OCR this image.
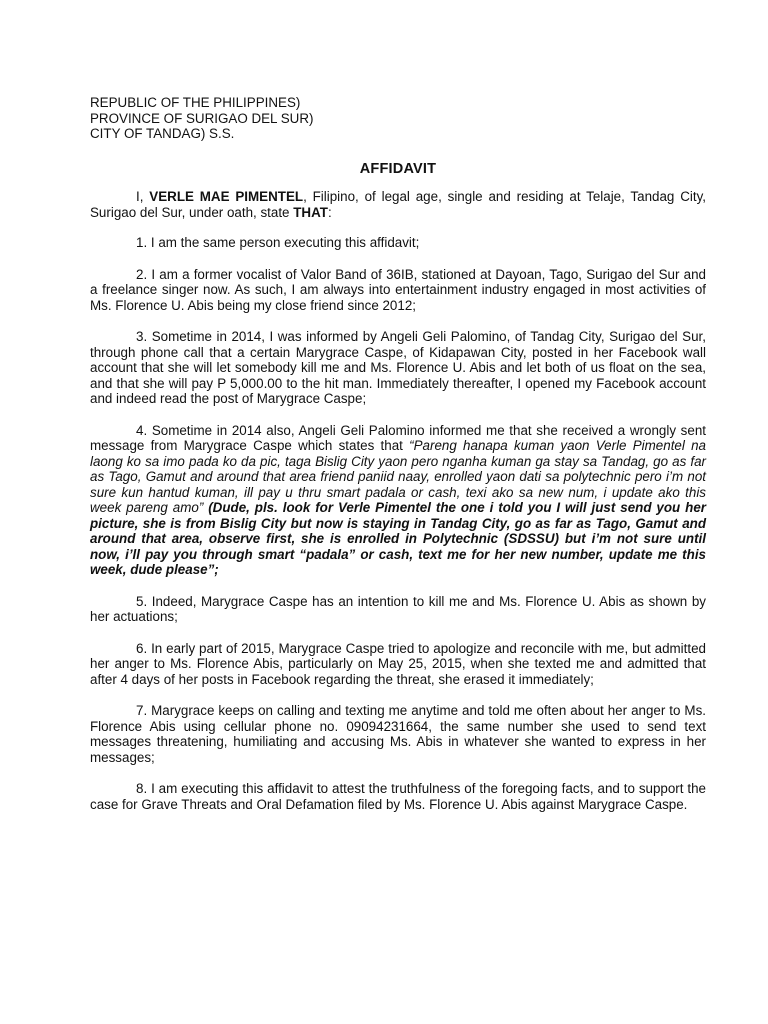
REPUBLIC OF THE PHILIPPINES)

PROVINCE OF SURIGAO DEL SUR)

CITY OF TANDAG) S.S.

AFFIDAVIT

I, VERLE MAE PIMENTEL, Filipino, of legal age, single and residing at Telaje, Tandag City, Surigao del Sur, under oath, state THAT:

1. I am the same person executing this affidavit;

2. I am a former vocalist of Valor Band of 36IB, stationed at Dayoan, Tago, Surigao del Sur and a freelance singer now. As such, I am always into entertainment industry engaged in most activities of Ms. Florence U. Abis being my close friend since 2012;

3. Sometime in 2014, I was informed by Angeli Geli Palomino, of Tandag City, Surigao del Sur, through phone call that a certain Marygrace Caspe, of Kidapawan City, posted in her Facebook wall account that she will let somebody kill me and Ms. Florence U. Abis and let both of us float on the sea, and that she will pay P 5,000.00 to the hit man. Immediately thereafter, I opened my Facebook account and indeed read the post of Marygrace Caspe;

4. Sometime in 2014 also, Angeli Geli Palomino informed me that she received a wrongly sent message from Marygrace Caspe which states that “Pareng hanapa kuman yaon Verle Pimentel na laong ko sa imo pada ko da pic, taga Bislig City yaon pero nganha kuman ga stay sa Tandag, go as far as Tago, Gamut and around that area friend paniid naay, enrolled yaon dati sa polytechnic pero i’m not sure kun hantud kuman, ill pay u thru smart padala or cash, texi ako sa new num, i update ako this week pareng amo” (Dude, pls. look for Verle Pimentel the one i told you I will just send you her picture, she is from Bislig City but now is staying in Tandag City, go as far as Tago, Gamut and around that area, observe first, she is enrolled in Polytechnic (SDSSU) but i’m not sure until now, i’ll pay you through smart “padala” or cash, text me for her new number, update me this week, dude please”;

5. Indeed, Marygrace Caspe has an intention to kill me and Ms. Florence U. Abis as shown by her actuations;

6. In early part of 2015, Marygrace Caspe tried to apologize and reconcile with me, but admitted her anger to Ms. Florence Abis, particularly on May 25, 2015, when she texted me and admitted that after 4 days of her posts in Facebook regarding the threat, she erased it immediately;

7. Marygrace keeps on calling and texting me anytime and told me often about her anger to Ms. Florence Abis using cellular phone no. 09094231664, the same number she used to send text messages threatening, humiliating and accusing Ms. Abis in whatever she wanted to express in her messages;

8. I am executing this affidavit to attest the truthfulness of the foregoing facts, and to support the case for Grave Threats and Oral Defamation filed by Ms. Florence U. Abis against Marygrace Caspe.
